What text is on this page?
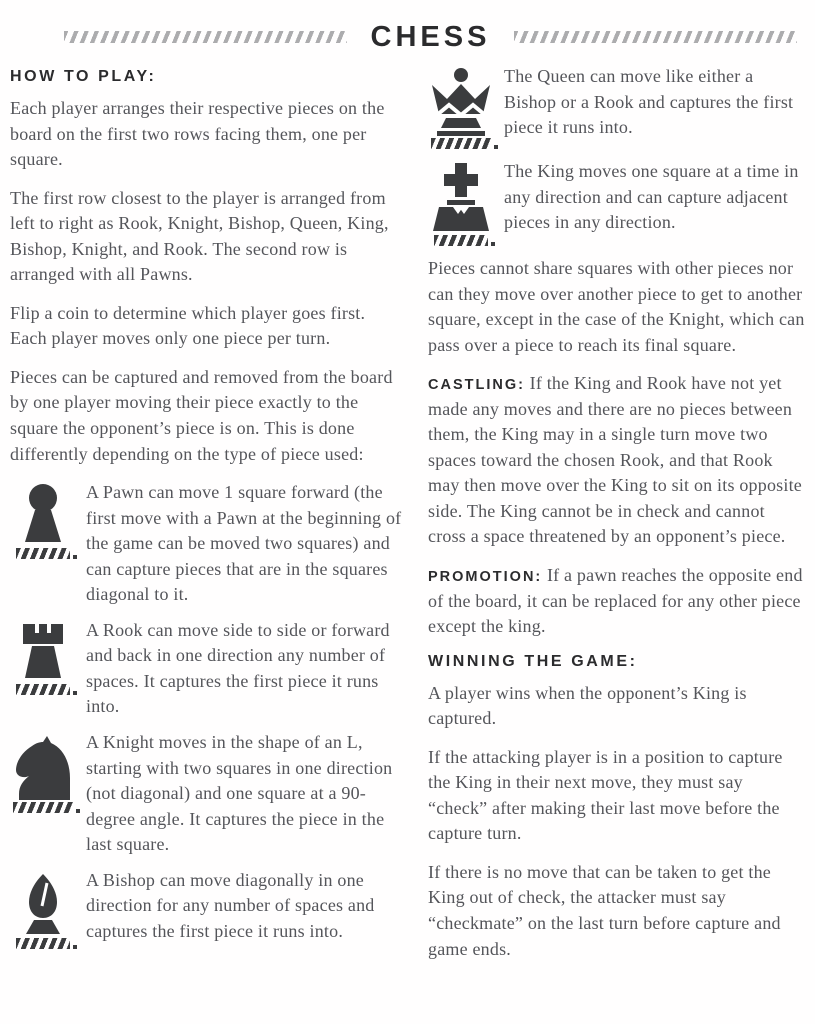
CHESS
HOW TO PLAY:

Each player arranges their respective pieces on the board on the first two rows facing them, one per square.

The first row closest to the player is arranged from left to right as Rook, Knight, Bishop, Queen, King, Bishop, Knight, and Rook. The second row is arranged with all Pawns.

Flip a coin to determine which player goes first. Each player moves only one piece per turn.

Pieces can be captured and removed from the board by one player moving their piece exactly to the square the opponent’s piece is on. This is done differently depending on the type of piece used:

A Pawn can move 1 square forward (the first move with a Pawn at the beginning of the game can be moved two squares) and can capture pieces that are in the squares diagonal to it.

A Rook can move side to side or forward and back in one direction any number of spaces. It captures the first piece it runs into.

A Knight moves in the shape of an L, starting with two squares in one direction (not diagonal) and one square at a 90-degree angle. It captures the piece in the last square.

A Bishop can move diagonally in one direction for any number of spaces and captures the first piece it runs into.

The Queen can move like either a Bishop or a Rook and captures the first piece it runs into.

The King moves one square at a time in any direction and can capture adjacent pieces in any direction.

Pieces cannot share squares with other pieces nor can they move over another piece to get to another square, except in the case of the Knight, which can pass over a piece to reach its final square.

CASTLING: If the King and Rook have not yet made any moves and there are no pieces between them, the King may in a single turn move two spaces toward the chosen Rook, and that Rook may then move over the King to sit on its opposite side. The King cannot be in check and cannot cross a space threatened by an opponent’s piece.

PROMOTION: If a pawn reaches the opposite end of the board, it can be replaced for any other piece except the king.

WINNING THE GAME:

A player wins when the opponent’s King is captured.

If the attacking player is in a position to capture the King in their next move, they must say “check” after making their last move before the capture turn.

If there is no move that can be taken to get the King out of check, the attacker must say “checkmate” on the last turn before capture and game ends.
